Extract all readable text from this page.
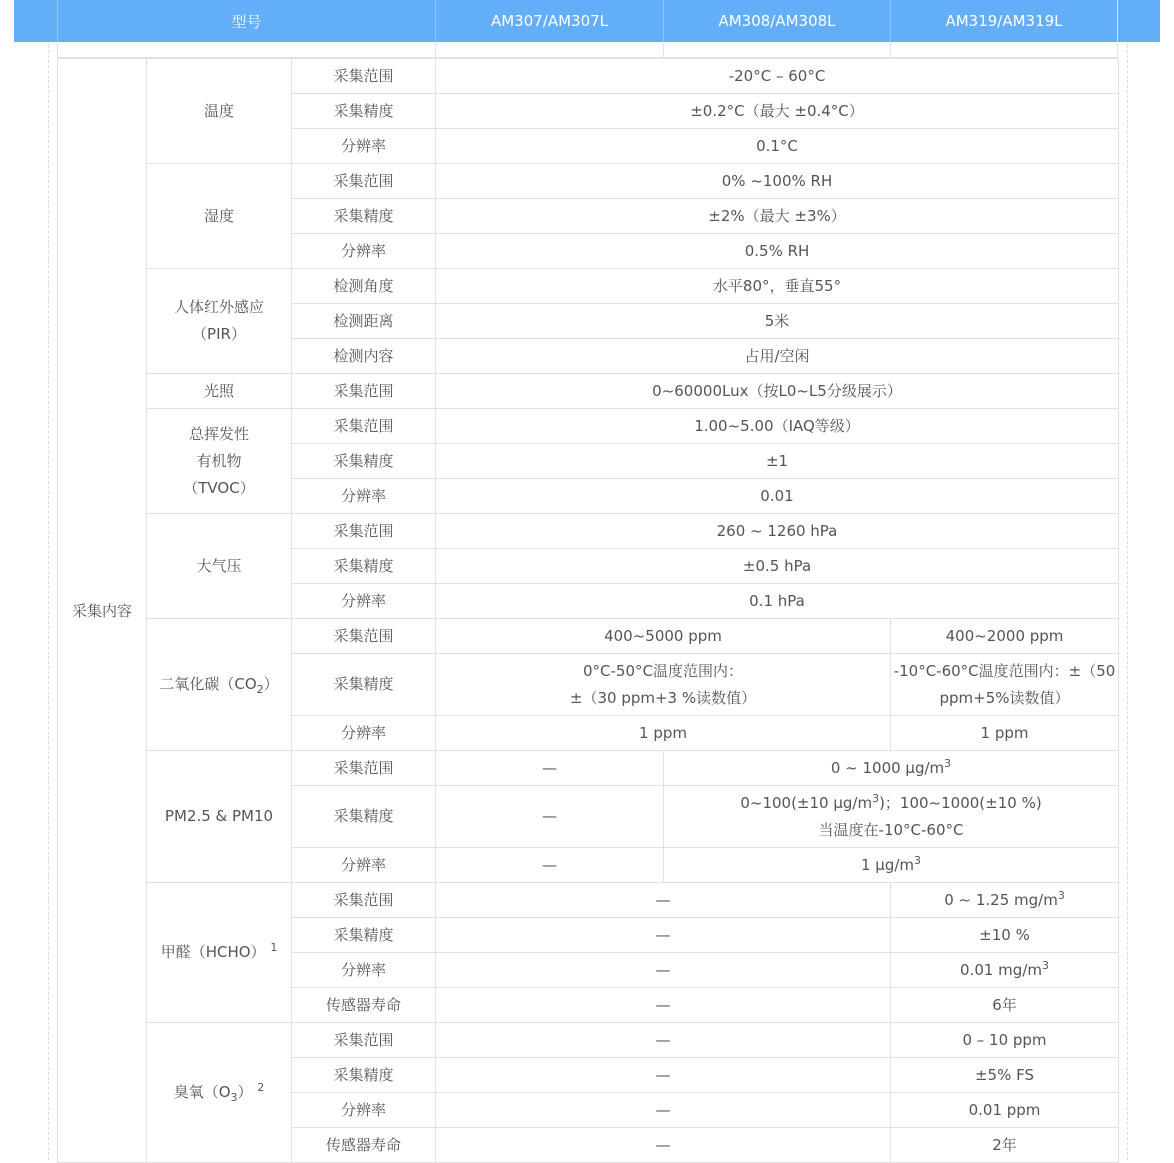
型号	AM307/AM307L	AM308/AM308L	AM319/AM319L
采集内容	温度	采集范围	-20°C – 60°C		
		采集精度	±0.2°C（最大 ±0.4°C）		
		分辨率	0.1°C		
	湿度	采集范围	0% ~100% RH		
		采集精度	±2%（最大 ±3%）		
		分辨率	0.5% RH		
	人体红外感应
（PIR）	检测角度	水平80°，垂直55°		
		检测距离	5米		
		检测内容	占用/空闲		
	光照	采集范围	0~60000Lux（按L0~L5分级展示）		
	总挥发性
有机物
（TVOC）	采集范围	1.00~5.00（IAQ等级）		
		采集精度	±1		
		分辨率	0.01		
	大气压	采集范围	260 ~ 1260 hPa		
		采集精度	±0.5 hPa		
		分辨率	0.1 hPa		
	二氧化碳$(CO_2)$	采集范围	400~5000 ppm		400~2000 ppm
		采集精度	0°C-50°C温度范围内：
±（30 ppm+3 %读数值）		-10°C-60°C温度范围内：±（50
ppm+5%读数值）
		分辨率	1 ppm		1 ppm
	PM2.5 & PM10	采集范围	—	0 ~ 1000 $\mu g/m^3$
		采集精度	—	0~100(±10 $\mu g/m^3$)；100~1000(±10 %)
当温度在-10°C-60°C	
		分辨率	—	1 $\mu g/m^3$
	甲醛（HCHO） $^1$	采集范围	—		0 ~ 1.25 $mg/m^3$
		采集精度	—		±10 %
		分辨率	—		0.01 $mg/m^3$
		传感器寿命	—		6年
	臭氧$(O_3)$ $^2$	采集范围	—		0 – 10 ppm
		采集精度	—		±5% FS
		分辨率	—		0.01 ppm
		传感器寿命	—		2年
